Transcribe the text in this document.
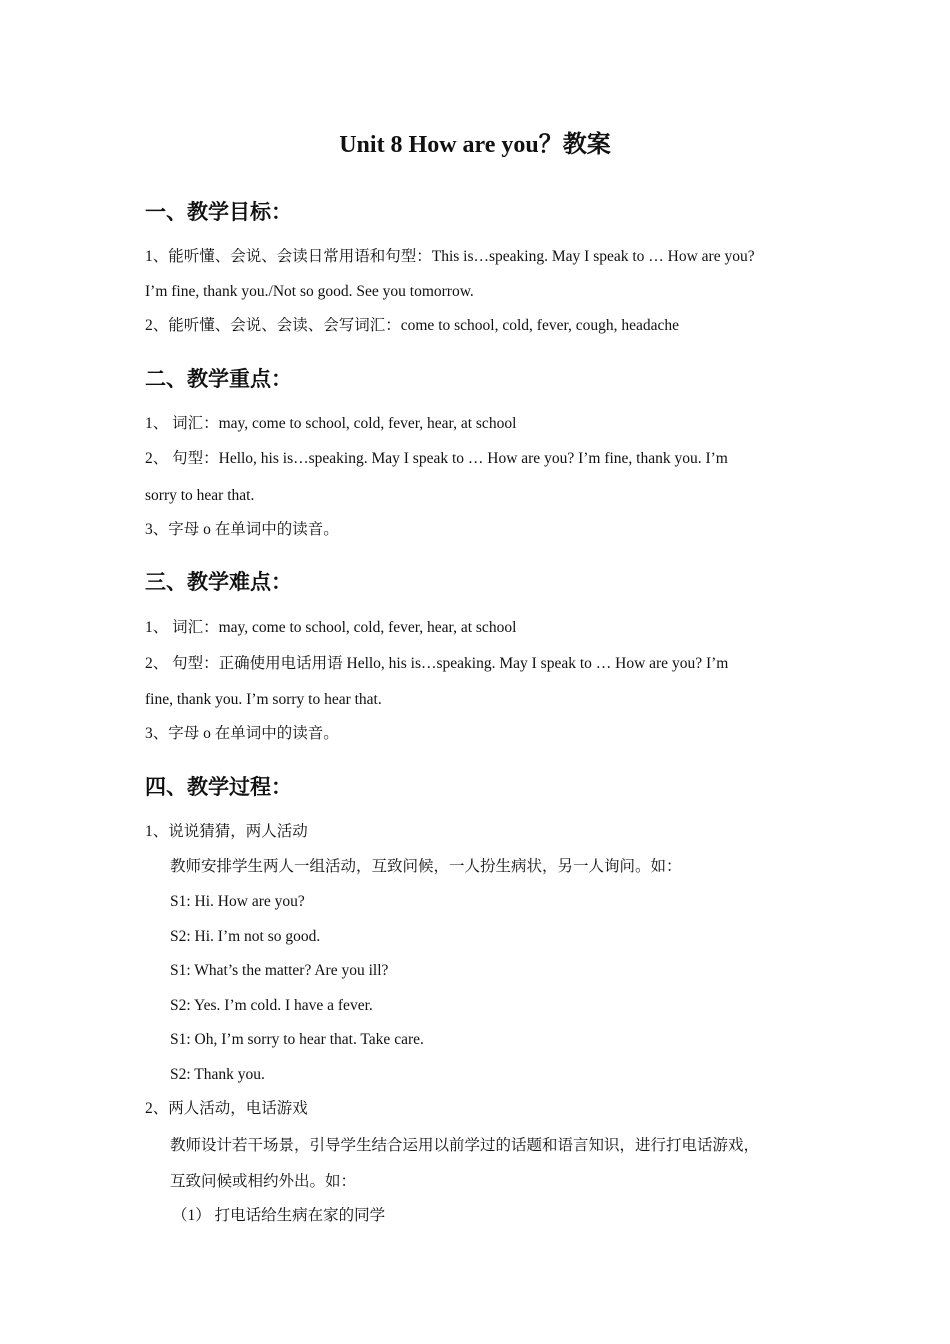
Unit 8 How are you？教案
一、教学目标：
1、能听懂、会说、会读日常用语和句型：This is…speaking. May I speak to … How are you?
I’m fine, thank you./Not so good. See you tomorrow.
2、能听懂、会说、会读、会写词汇：come to school, cold, fever, cough, headache
二、教学重点：
1、 词汇：may, come to school, cold, fever, hear, at school
2、 句型：Hello, his is…speaking. May I speak to … How are you? I’m fine, thank you. I’m
sorry to hear that.
3、字母 o 在单词中的读音。
三、教学难点：
1、 词汇：may, come to school, cold, fever, hear, at school
2、 句型：正确使用电话用语 Hello, his is…speaking. May I speak to … How are you? I’m
fine, thank you. I’m sorry to hear that.
3、字母 o 在单词中的读音。
四、教学过程：
1、说说猜猜，两人活动
教师安排学生两人一组活动，互致问候，一人扮生病状，另一人询问。如：
S1: Hi. How are you?
S2: Hi. I’m not so good.
S1: What’s the matter? Are you ill?
S2: Yes. I’m cold. I have a fever.
S1: Oh, I’m sorry to hear that. Take care.
S2: Thank you.
2、两人活动，电话游戏
教师设计若干场景，引导学生结合运用以前学过的话题和语言知识，进行打电话游戏，
互致问候或相约外出。如：
（1） 打电话给生病在家的同学
